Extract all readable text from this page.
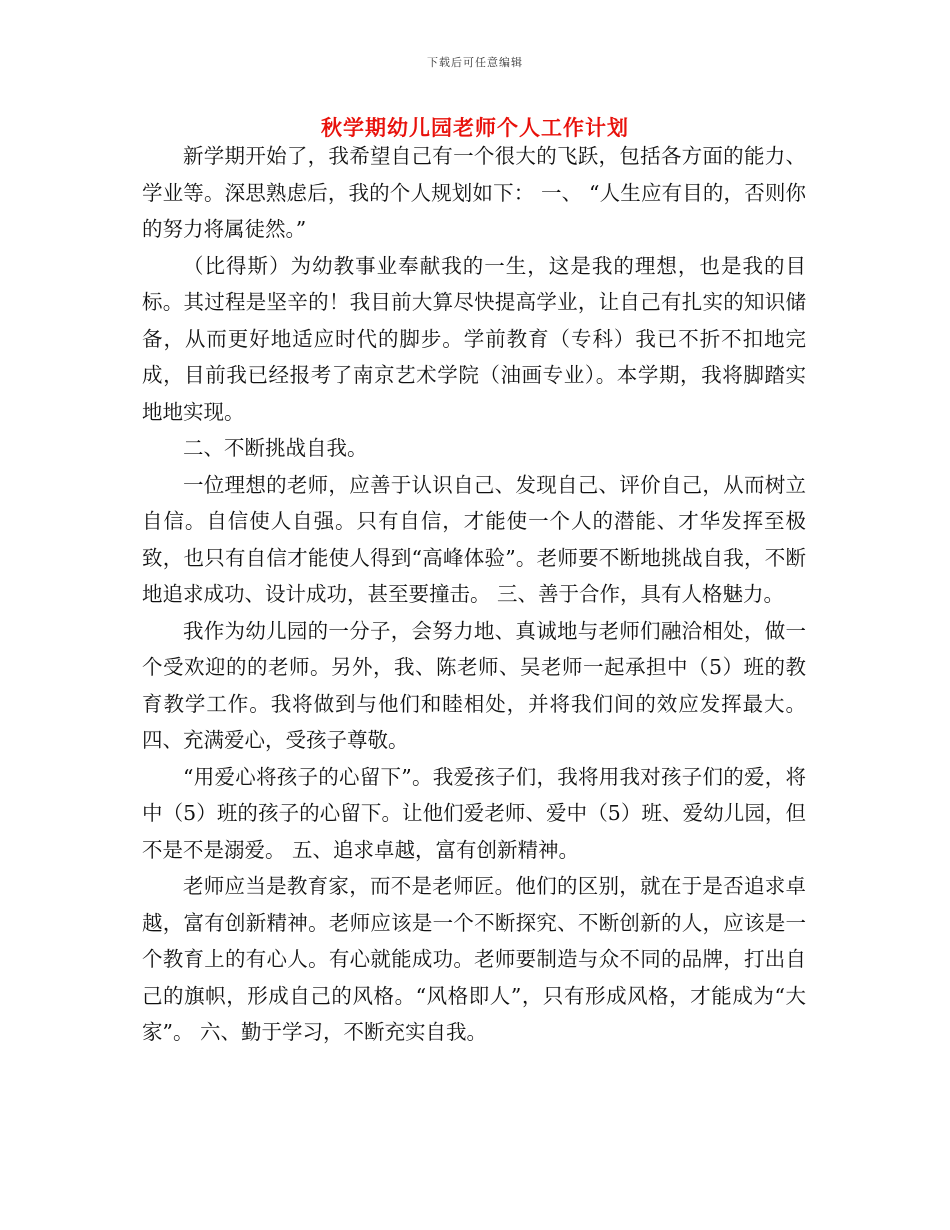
下载后可任意编辑
秋学期幼儿园老师个人工作计划

新学期开始了，我希望自己有一个很大的飞跃，包括各方面的能力、学业等。深思熟虑后，我的个人规划如下： 一、 “人生应有目的，否则你的努力将属徒然。”

（比得斯）为幼教事业奉献我的一生，这是我的理想，也是我的目标。其过程是坚辛的！我目前大算尽快提高学业，让自己有扎实的知识储备，从而更好地适应时代的脚步。学前教育（专科）我已不折不扣地完成，目前我已经报考了南京艺术学院（油画专业）。本学期，我将脚踏实地地实现。

二、不断挑战自我。

一位理想的老师，应善于认识自己、发现自己、评价自己，从而树立自信。自信使人自强。只有自信，才能使一个人的潜能、才华发挥至极致，也只有自信才能使人得到“高峰体验”。老师要不断地挑战自我，不断地追求成功、设计成功，甚至要撞击。 三、善于合作，具有人格魅力。

我作为幼儿园的一分子，会努力地、真诚地与老师们融洽相处，做一个受欢迎的的老师。另外，我、陈老师、吴老师一起承担中（5）班的教育教学工作。我将做到与他们和睦相处，并将我们间的效应发挥最大。 四、充满爱心，受孩子尊敬。

“用爱心将孩子的心留下”。我爱孩子们，我将用我对孩子们的爱，将中（5）班的孩子的心留下。让他们爱老师、爱中（5）班、爱幼儿园，但不是不是溺爱。 五、追求卓越，富有创新精神。

老师应当是教育家，而不是老师匠。他们的区别，就在于是否追求卓越，富有创新精神。老师应该是一个不断探究、不断创新的人，应该是一个教育上的有心人。有心就能成功。老师要制造与众不同的品牌，打出自己的旗帜，形成自己的风格。“风格即人”，只有形成风格，才能成为“大家”。 六、勤于学习，不断充实自我。
